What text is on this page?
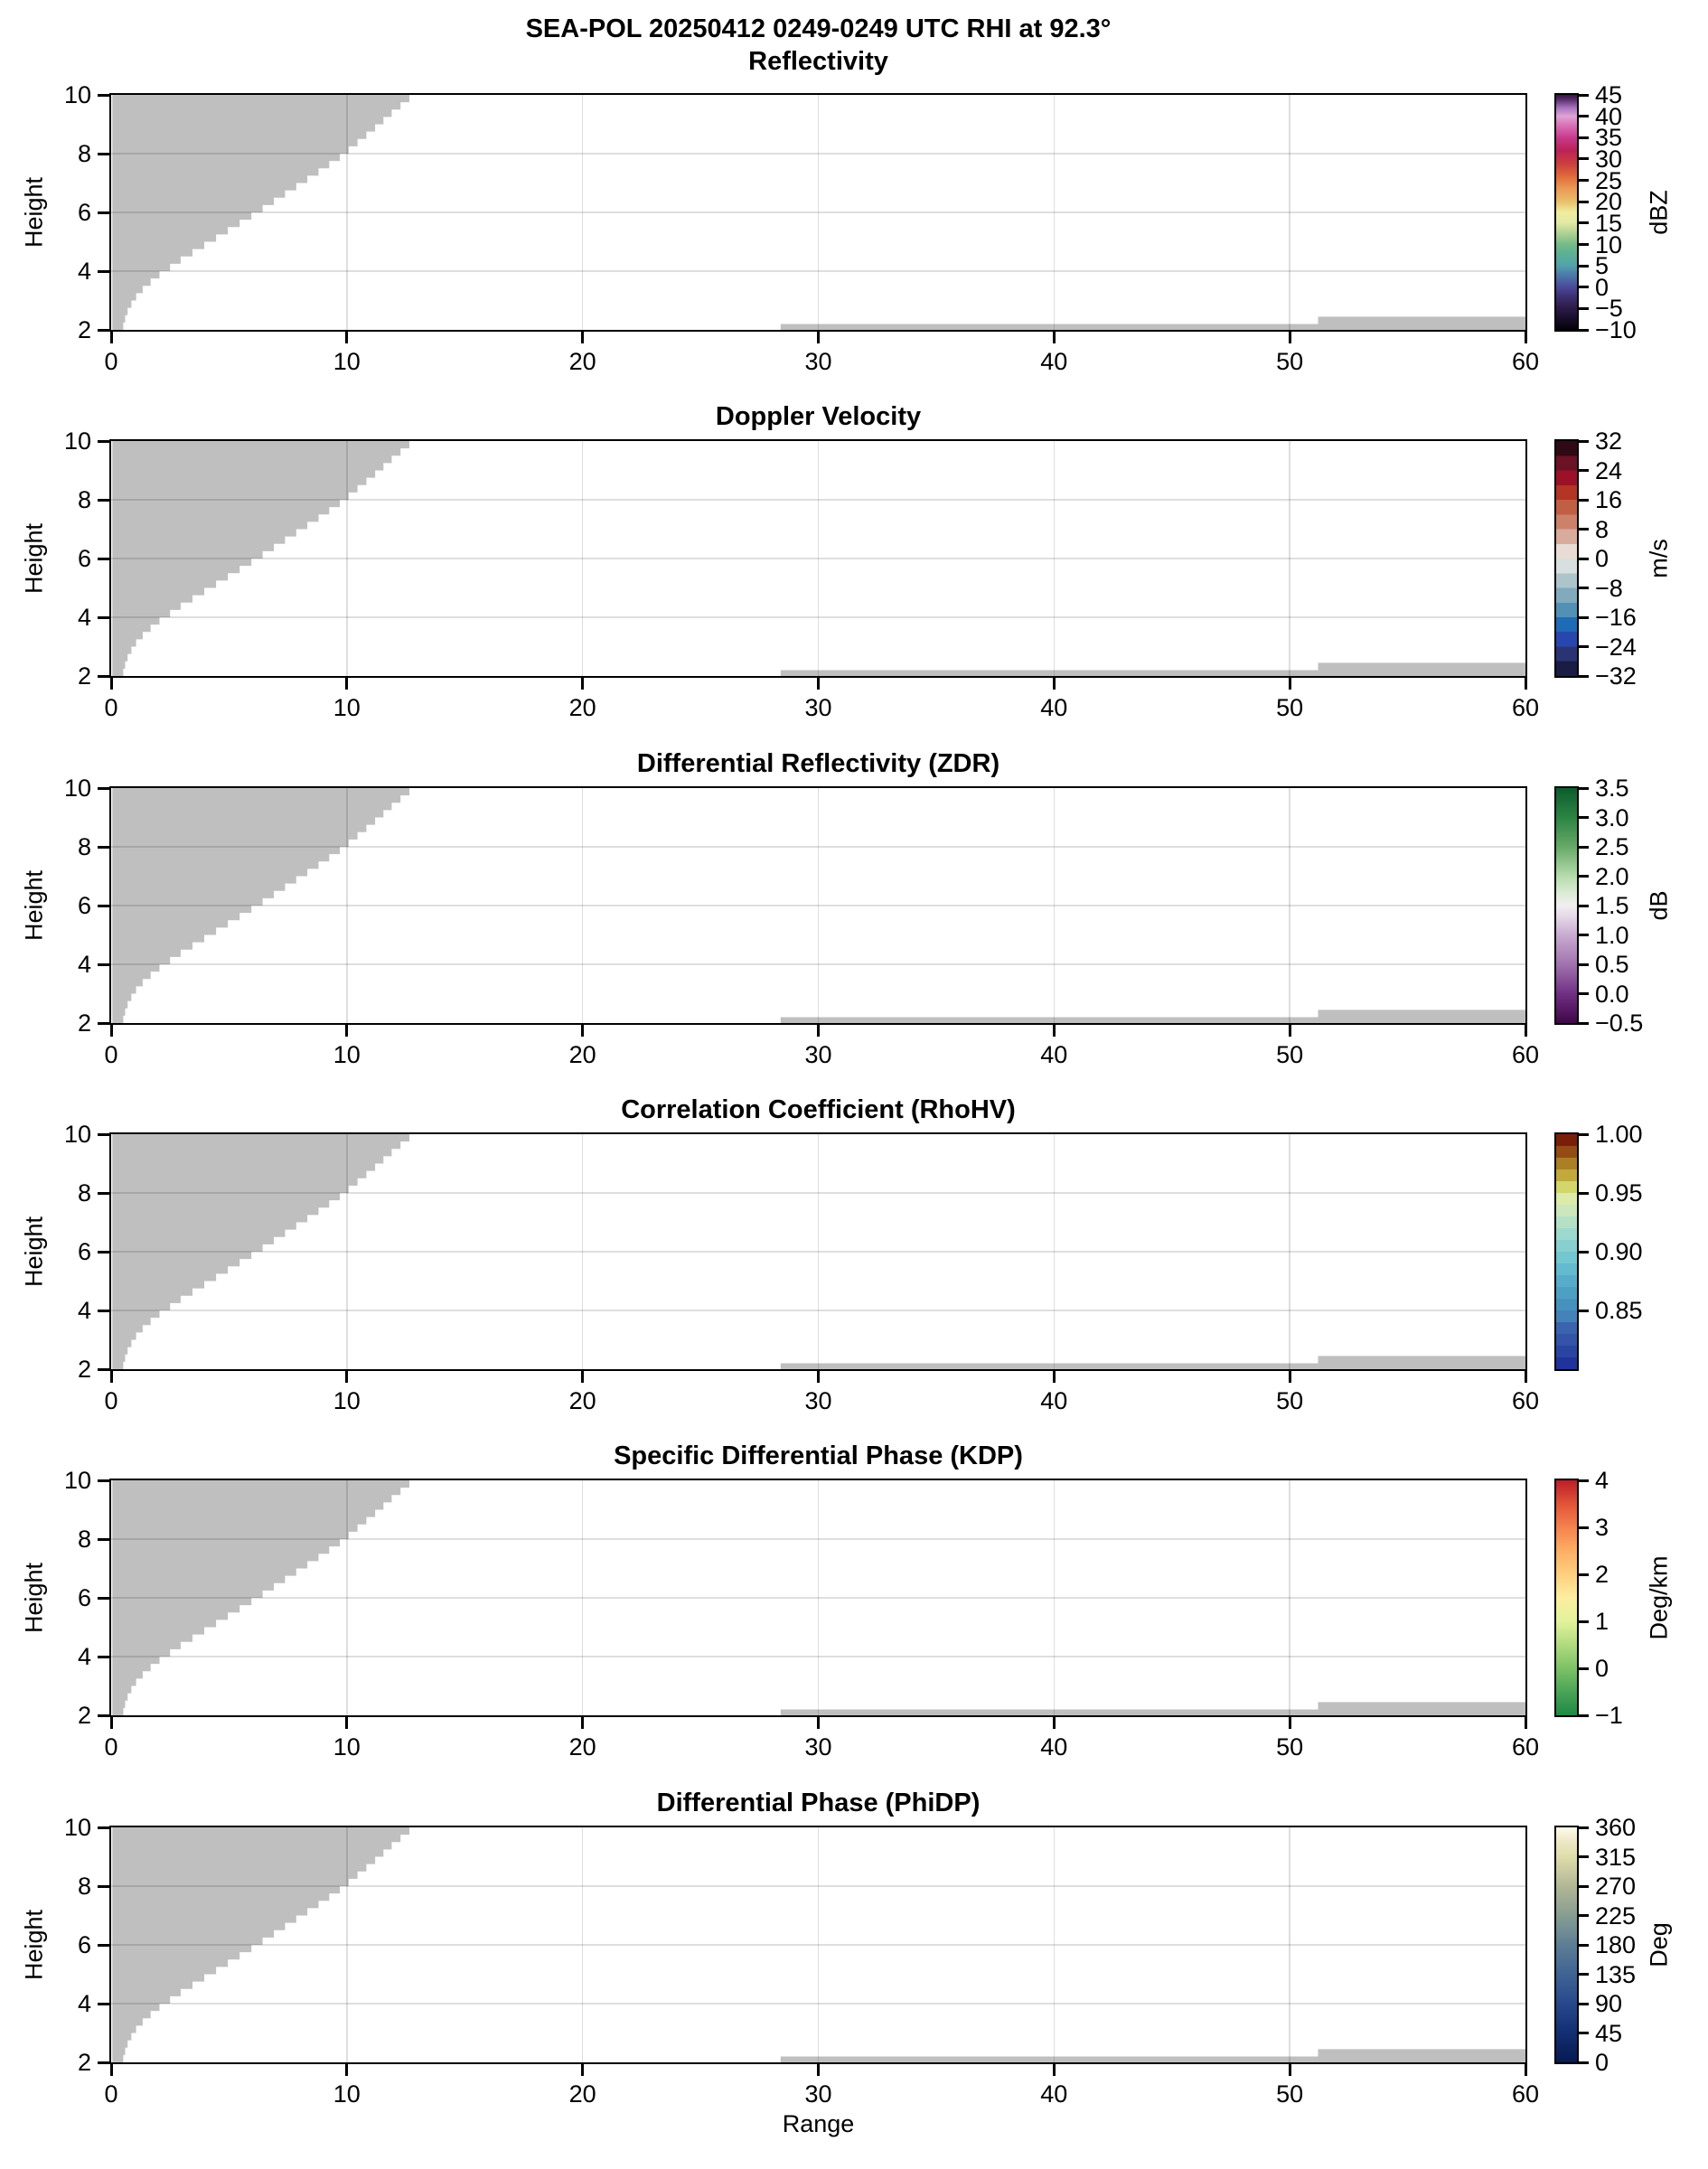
SEA-POL 20250412 0249-0249 UTC RHI at 92.3°
Reflectivity
0	10	20	30	40	50	60
2
4
6
8
10
Height
−10
−5
0
5
10
15
20
25
30
35
40
45
dBZ
Doppler Velocity
0	10	20	30	40	50	60
2
4
6
8
10
Height
−32
−24
−16
−8
0
8
16
24
32
m/s
Differential Reflectivity (ZDR)
0	10	20	30	40	50	60
2
4
6
8
10
Height
−0.5
0.0
0.5
1.0
1.5
2.0
2.5
3.0
3.5
dB
Correlation Coefficient (RhoHV)
0	10	20	30	40	50	60
2
4
6
8
10
Height
0.85
0.90
0.95
1.00
Specific Differential Phase (KDP)
0	10	20	30	40	50	60
2
4
6
8
10
Height
−1
0
1
2
3
4
Deg/km
Differential Phase (PhiDP)
0	10	20	30	40	50	60
2
4
6
8
10
Height
0
45
90
135
180
225
270
315
360
Deg
Range
